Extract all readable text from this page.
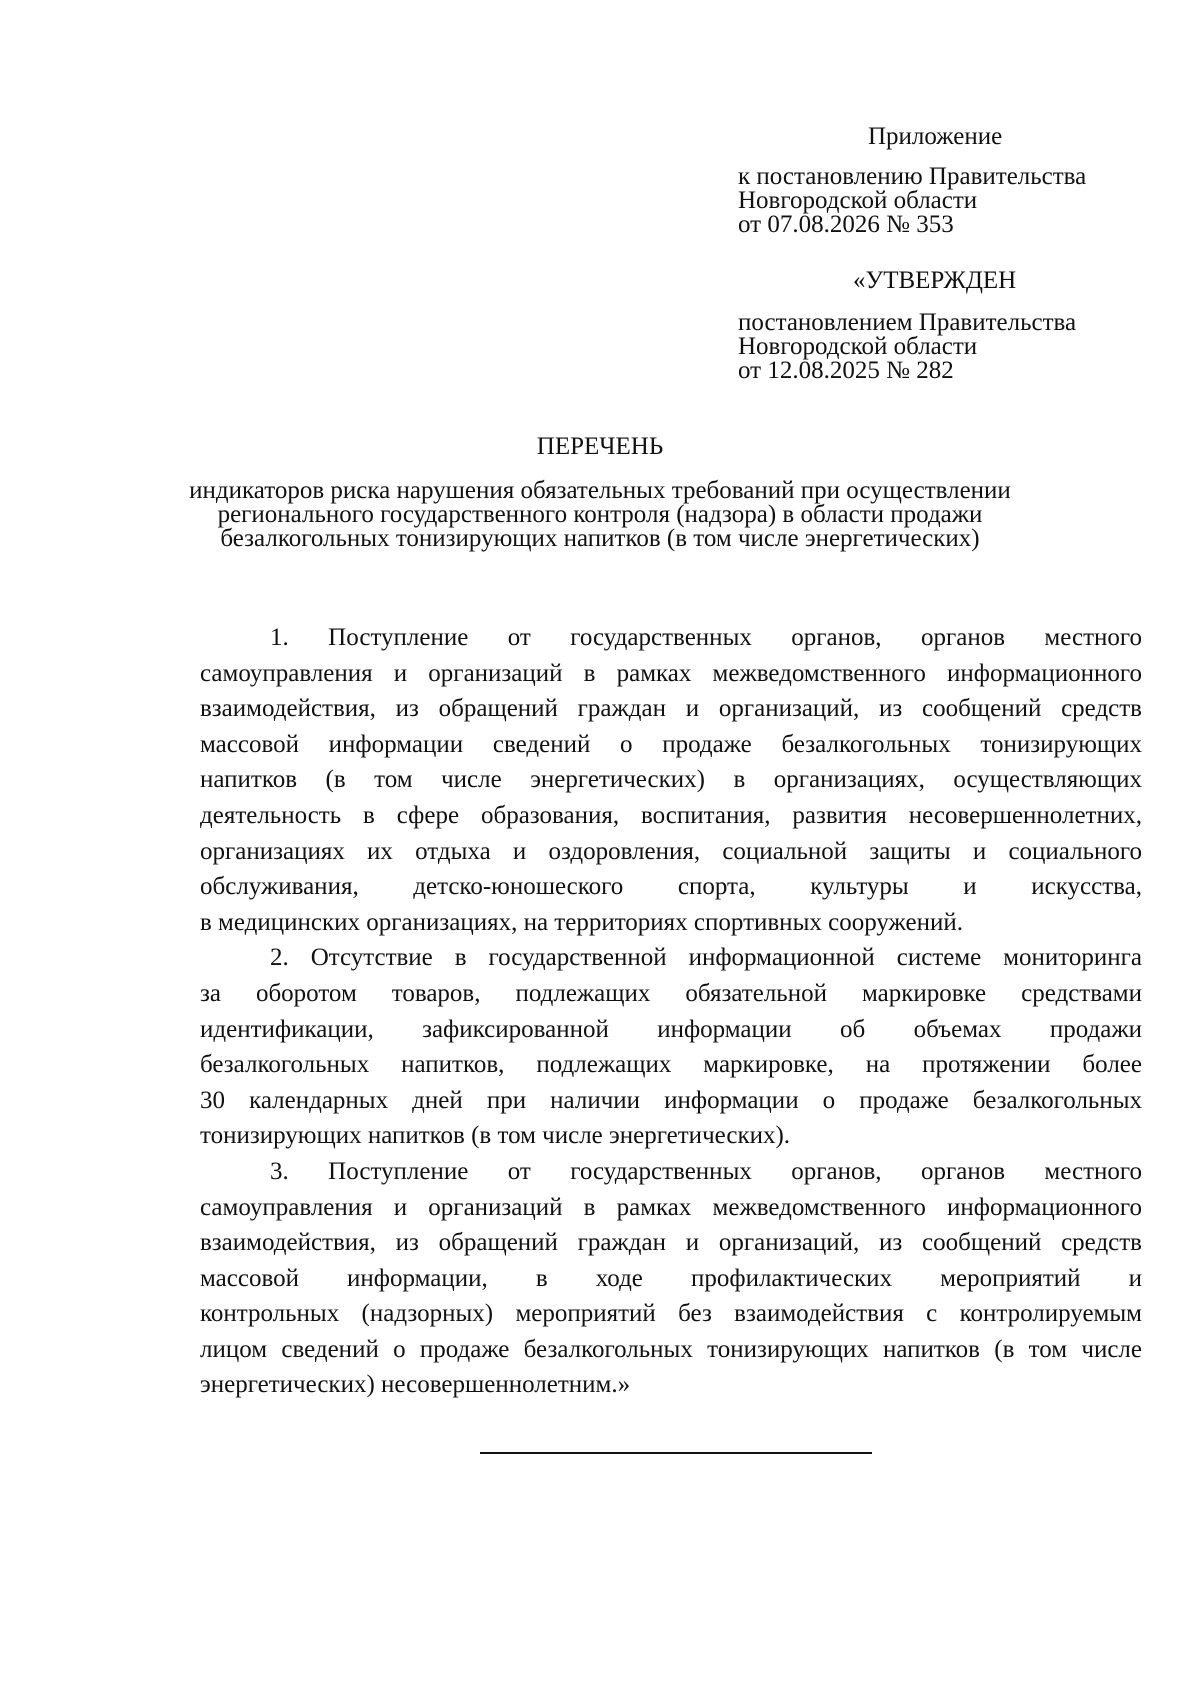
Приложение
к постановлению Правительства
Новгородской области
от 07.08.2026 № 353
«УТВЕРЖДЕН
постановлением Правительства
Новгородской области
от 12.08.2025 № 282
ПЕРЕЧЕНЬ
индикаторов риска нарушения обязательных требований при осуществлении
регионального государственного контроля (надзора) в области продажи
безалкогольных тонизирующих напитков (в том числе энергетических)
1. Поступление от государственных органов, органов местного
самоуправления и организаций в рамках межведомственного информационного
взаимодействия, из обращений граждан и организаций, из сообщений средств
массовой информации сведений о продаже безалкогольных тонизирующих
напитков (в том числе энергетических) в организациях, осуществляющих
деятельность в сфере образования, воспитания, развития несовершеннолетних,
организациях их отдыха и оздоровления, социальной защиты и социального
обслуживания, детско-юношеского спорта, культуры и искусства,
в медицинских организациях, на территориях спортивных сооружений.
2. Отсутствие в государственной информационной системе мониторинга
за оборотом товаров, подлежащих обязательной маркировке средствами
идентификации, зафиксированной информации об объемах продажи
безалкогольных напитков, подлежащих маркировке, на протяжении более
30 календарных дней при наличии информации о продаже безалкогольных
тонизирующих напитков (в том числе энергетических).
3. Поступление от государственных органов, органов местного
самоуправления и организаций в рамках межведомственного информационного
взаимодействия, из обращений граждан и организаций, из сообщений средств
массовой информации, в ходе профилактических мероприятий и
контрольных (надзорных) мероприятий без взаимодействия с контролируемым
лицом сведений о продаже безалкогольных тонизирующих напитков (в том числе
энергетических) несовершеннолетним.»
